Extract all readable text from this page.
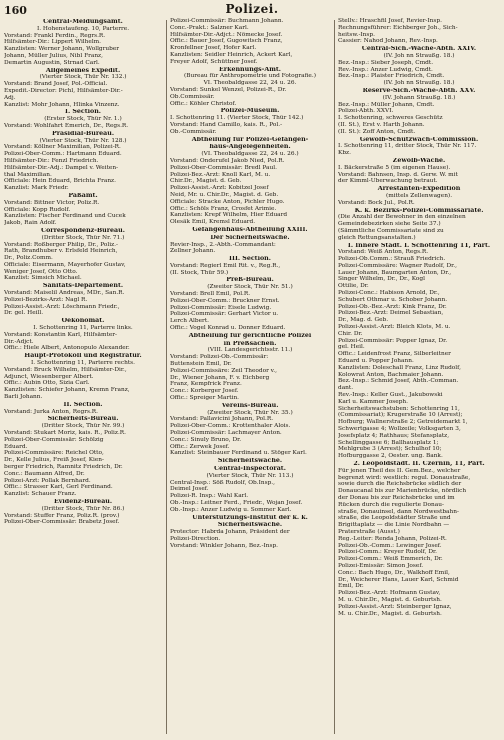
160	Polizei.
Central-Meldungsamt.
I. Hohenstaufeng. 10, Parterre.
Vorstand: Frankl Ferdin., Regrs.R.
Hilfsämter-Dir.: Lippert Wilhelm.
Kanzlisten: Werner Johann, Wollgruber
Johann, Müller Julius, Nibl Franz,
Demartin Augustin, Strnad Carl.
Allgemeines Expedit.
(Vierter Stock, Thür Nr. 132.)
Vorstand: Brand Josef, Pol.-Official.
Expedit.-Director: Pichl, Hilfsämter-Dir.-
Adj.
Kanzlist: Mohr Johann, Hlinka Vinzenz.
I. Section.
(Erster Stock, Thür Nr. 1.)
Vorstand: Wohlfahrt Emerich, Dr., Regs.R.
Präsidial-Bureau.
(Vierter Stock, Thür Nr. 128.)
Vorstand: Köllner Maximilian, Polizei-R.
Polizei-Ober-Comm.: Hartmann Eduard.
Hilfsämter-Dir.: Fenzl Friedrich.
Hilfsämter-Dir.-Adj.: Dampel v. Weiten-
thal Maximilian.
Officiale: Hein Eduard, Brichta Franz.
Kanzlist: Mark Friedr.
Paßamt.
Vorstand: Bittner Victor, Poliz.R.
Officiale: Kopp Rudolf.
Kanzlisten: Fischer Ferdinand und Cucek
Jakob, Rain Adolf.
Correspondenz-Bureau.
(Dritter Stock, Thür Nr. 71.)
Vorstand: Roßberger Philip, Dr., Poliz.-
Rath, Brandhuber v. Erlsfeld Heinrich,
Dr., Poliz.Comm.
Officiale: Eisermann, Mayerhofer Gustav,
Weniger Josef, Otto Otto.
Kanzlist: Simsich Michael.
Sanitäts-Departement.
Vorstand: Maiselil Andreas, MDr., San.R.
Polizei-Bezirks-Arzt: Nagl R.
Polizei-Assist.-Arzt: Löschmann Friedr.,
Dr. gel. Heill.
Oekonomat.
I. Schottenring 11, Parterre links.
Vorstand: Konstantin Karl, Hilfsämter-
Dir.-Adjct.
Offic.: Hiele Albert, Antonopulo Alexander.
Haupt-Protokoll und Registratur.
I. Schottenring 11, Parterre rechts.
Vorstand: Bruck Wilhelm, Hilfsämter-Dir.,
Adjunct, Wiesenberger Albert.
Offic.: Aubin Otto, Sizia Carl.
Kanzlisten: Schiefer Johann, Kremn Franz,
Barli Johann.
II. Section.
Vorstand: Jurka Anton, Regrs.R.
Sicherheits-Bureau.
(Dritter Stock, Thür Nr. 99.)
Vorstand: Stukart Moriz, kais. R., Poliz.R.
Polizei-Ober-Commissär: Schölzig
Eduard.
Polizei-Commissäre: Reichel Otto,
Dr., Kelle Julius, Freiß Josef, Kien-
berger Friedrich, Ramnitz Friedrich, Dr.
Conc.: Baumann Alfred, Dr.
Polizei-Arzt: Pollak Bernhard.
Offic.: Strasser Karl, Gerl Ferdinand.
Kanzlist: Schauer Franz.
Evidenz-Bureau.
(Dritter Stock, Thür Nr. 86.)
Vorstand: Stuffer Franz, Poliz.R. (prov.)
Polizei-Ober-Commissär: Brabetz Josef.
Polizei-Commissär: Buchmann Johann.
Conc.-Prakt.: Salzner Karl.
Hilfsämter-Dir.-Adjct.: Nömecke Josef.
Offic.: Bauer Josef, Gugowitsch Franz,
Kronfellner Josef, Hofer Karl.
Kanzlisten: Seidler Heinrich, Ackert Karl,
Freyer Adolf, Schüttner Josef.
Erkennungs-Amt.
(Bureau für Anthropometrie und Fotografie.)
VI. Theobaldgasse 22, 24 u. 26.
Vorstand: Sunkel Wenzel, Polizei-R., Dr.
Ob.Commissär.
Offic.: Köhler Christof.
Polizei-Museum.
I. Schottenring 11. (Vierter Stock, Thür 142.)
Vorstand: Hand Camillo, kais. R., Pol.-
Ob.-Commissär.
Abtheilung für Polizei-Gefangen-
haus-Angelegenheiten.
(VI. Theobaldgasse 22, 24 u. 26.)
Vorstand: Onderufel Jakob Nied, Pol.R.
Polizei-Ober-Commissär: Bredl Paul.
Polizei-Bez.-Arzt: Knoll Karl, M. u.
Chir.Dr., Magist. d. Geb.
Polizei-Assist.-Arzt: Kobitzel Josef
Neid, Mr. u. Chir.Dr., Magist. d. Geb.
Officiale: Stracke Anton, Pichler Hugo.
Offic.: Schöls Franz, Crosfet Arimie.
Kanzlisten: Krepf Wilhelm, Hier Eduard
Olesäk Emil, Kremsl Eduard.
Gefangenhaus-Abtheilung XXIII.
Der Sicherheitswache.
Revier-Insp., 2.-Abth.-Commandant:
Zellner Johann.
III. Section.
Vorstand: Regierl Emil Rit. v., Reg.R.,
(II. Stock, Thür 59.)
Preß-Bureau.
(Zweiter Stock, Thür Nr. 51.)
Vorstand: Brell Emil, Pol.R.
Polizei-Ober-Comm.: Bruckner Ernst.
Polizei-Commissär: Eisele Ludwig.
Polizei-Commissär: Gerhart Victor u.
Lerch Albert.
Offic.: Vogel Konrad u. Donner Eduard.
Abtheilung für gerichtliche Polizei
in Preßsachen.
(VIII. Landesgerichtsstr. 11.)
Vorstand: Polizei-Ob.-Commissär:
Buttenstein Emil, Dr.
Polizei-Commissäre: Zeil Theodor v.,
Dr., Wiener Johann, F. v. Eichberg
Franz, Kempfrick Franz.
Conc.: Korberger Josef.
Offic.: Spreiger Martin.
Vereins-Bureau.
(Zweiter Stock, Thür Nr. 35.)
Vorstand: Pallavicini Johann, Pol.R.
Polizei-Ober-Comm.: Krottenthaler Alois.
Polizei-Commissär: Lachmayer Anton.
Conc.: Sinuly Bruno, Dr.
Offic.: Zerwek Josef.
Kanzlist: Steinbauer Ferdinand u. Stöger Karl.
Sicherheitswache.
Central-Inspectorat.
(Vierter Stock, Thür Nr. 113.)
Central-Insp.: Söß Rudolf, Ob.Insp.,
Deimel Josef.
Polizei-R. Insp.: Wahl Karl.
Ob.-Insp.: Leitner Ferd., Friedr., Wojan Josef.
Ob.-Insp.: Anzer Ludwig u. Sommer Karl.
Unterstützungs-Institut der k. k.
Sicherheitswache.
Protector: Habrda Johann, Präsident der
Polizei-Direction.
Vorstand: Winkler Johann, Bez.-Insp.
Stellv.: Hraschfil Josef, Revier-Insp.
Rechnungsführer: Eichberger Joh., Sich-
heitsw.-Insp.
Cassier: Nahod Johann, Rev.-Insp.
Central-Sich.-Wache-Abth. XXIV.
(IV. Joh nn Straußg. 18.)
Bez.-Insp.: Sieber Joseph, Cmdt.
Rev.-Insp.: Anzer Ludwig, Cmdt.
Bez.-Insp.: Plaister Friedrich, Cmdt.
(IV. Joh nn Straußg. 18.)
Reserve-Sich.-Wache-Abth. XXV.
(IV. Johann Straußg. 18.)
Bez.-Insp.: Müller Johann, Cmdt.
Polizei-Abth. XXVI.
I. Schottenring, schweres Geschütz
(II. St.), Erst v. Harth Johann.
(II. St.): Zoff Anton, Cmdt.
Gewölb-Schutzwach-Commission.
I. Schottenring 11, dritter Stock, Thür Nr. 117.
Kbz.
Zewölb-Wache.
I. Bäckerstraße 5 (im eigenen Hause).
Vorstand: Bahnsen, Insp. d. Gerw. W. mit
der Kimml-Überwachung betraut.
Arrestanten-Expedition
(mittels Zellenwagen).
Vorstand: Bock Jul., Pol.R.
K. k. Bezirks-Polizei-Commissariate.
(Die Anzahl der Bewohner in den einzelnen
Gemeindebezirken siehe Seite 37.)
(Sämmtliche Commissariate sind zu
gleich Rettungsanstalten.)
I. Innere Stadt. I. Schottenring 11, Part.
Vorstand: Weiß Anton, Regs.R.
Polizei-Ob.Comm.: Strauß Friedrich.
Polizei-Commissäre: Wagner Rudolf, Dr.,
Lauer Johann, Baumgarten Anton, Dr.,
Singer Wilhelm, Dr., Dr., Kogl
Ottilie, Dr.
Polizei-Conc.: Habison Arnold, Dr.,
Schubert Othmar u. Schober Johann.
Polizei-Ob.-Bez.-Arzt: Kink Franz, Dr.
Polizei-Bez.-Arzt: Deimel Sebastian,
Dr., Mag. d. Geb.
Polizei-Assist.-Arzt: Bleich Klots, M. u.
Chir. Dr.
Polizei-Commissär: Popper Ignaz, Dr.
gel. Heil.
Offic.: Leidenfrost Franz, Silberleitner
Eduard u. Popper Johann.
Kanzlisten: Doleschall Franz, Linz Rudolf,
Kolowrat Anton, Bachmaier Johann.
Bez.-Insp.: Schmid Josef, Abth.-Comman.
dant.
Rev.-Insp.: Keller Gust., Jakubowski
Karl u. Kammer Joseph.
Sicherheitswachstuben: Schottenring 11,
(Commissariat); Krugerstraße 10 (Arrest);
Hofburg; Wallnerstraße 2; Getreidemarkt 1,
Schwertgasse 4; Wollzeile; Volksgarten 3,
Josefsplatz 4; Rathhaus; Stefansplatz,
Schellinggasse 6; Ballhausplatz 1;
Mehlgrube 3 (Arrest); Schulhof 10;
Hofburggasse 2, Oester. ung. Bank.
2. Leopoldstadt. II. Czernin, 11, Part.
Für jenen Theil des II. Gem.Bez., welcher
begrenzt wird: westlich: regul. Donaustraße,
sowie durch die Reichsbrücke südlich der
Donaucanal bis zur Marienbrücke, nördlich
der Donau bis zur Reichsbrücke und im
Rücken durch die regulierte Donau-
straße, Donauinsel, dann Nordwestbahn-
straße, die Leopoldstädter Straße und
Brigittaplatz — die Linie Nordbahn —
Praterstraße (Ausst.)
Reg.-Leiter: Renda Johann, Polizei-R.
Polizei-Ob.-Comm.: Lewinger Josef.
Polizei-Comm.: Kreyer Rudolf, Dr.
Polizei-Comm.: Weiß Emmerich, Dr.
Polizei-Emissär: Simon Josef.
Conc.: Bach Hugo, Dr., Walkhoff Emil,
Dr., Weicherer Hans, Lauer Karl, Schmid
Emil, Dr.
Polizei-Bez.-Arzt: Hofmann Gustav,
M. u. Chir.Dr., Magist. d. Geburtsh.
Polizei-Assist.-Arzt: Steinberger Ignaz,
M. u. Chir.Dr., Magist. d. Geburtsh.
